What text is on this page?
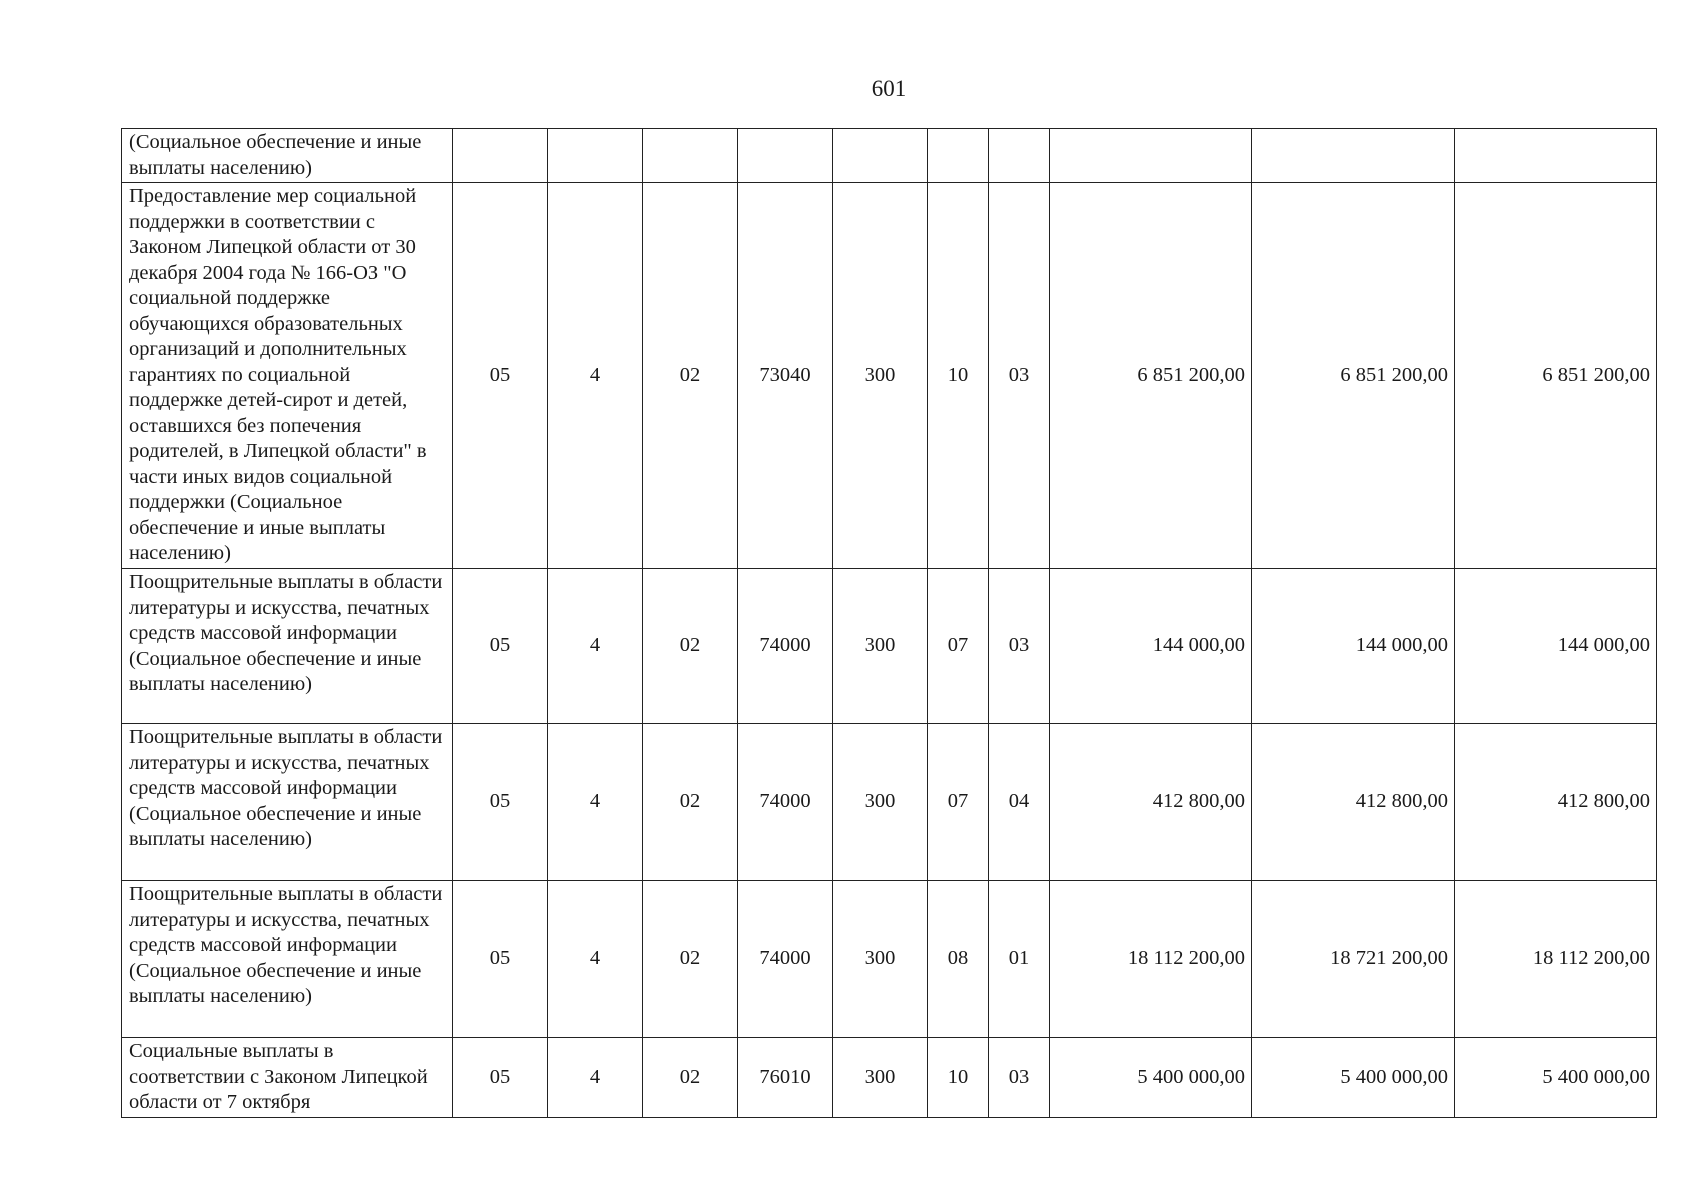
601
(Социальное обеспечение и иные выплаты населению)										
Предоставление мер социальной поддержки в соответствии с Законом Липецкой области от 30 декабря 2004 года № 166-ОЗ "О социальной поддержке обучающихся образовательных организаций и дополнительных гарантиях по социальной поддержке детей-сирот и детей, оставшихся без попечения родителей, в Липецкой области" в части иных видов социальной поддержки (Социальное обеспечение и иные выплаты населению)	05	4	02	73040	300	10	03	6 851 200,00	6 851 200,00	6 851 200,00
Поощрительные выплаты в области литературы и искусства, печатных средств массовой информации (Социальное обеспечение и иные выплаты населению)	05	4	02	74000	300	07	03	144 000,00	144 000,00	144 000,00
Поощрительные выплаты в области литературы и искусства, печатных средств массовой информации (Социальное обеспечение и иные выплаты населению)	05	4	02	74000	300	07	04	412 800,00	412 800,00	412 800,00
Поощрительные выплаты в области литературы и искусства, печатных средств массовой информации (Социальное обеспечение и иные выплаты населению)	05	4	02	74000	300	08	01	18 112 200,00	18 721 200,00	18 112 200,00
Социальные выплаты в соответствии с Законом Липецкой области от 7 октября	05	4	02	76010	300	10	03	5 400 000,00	5 400 000,00	5 400 000,00
